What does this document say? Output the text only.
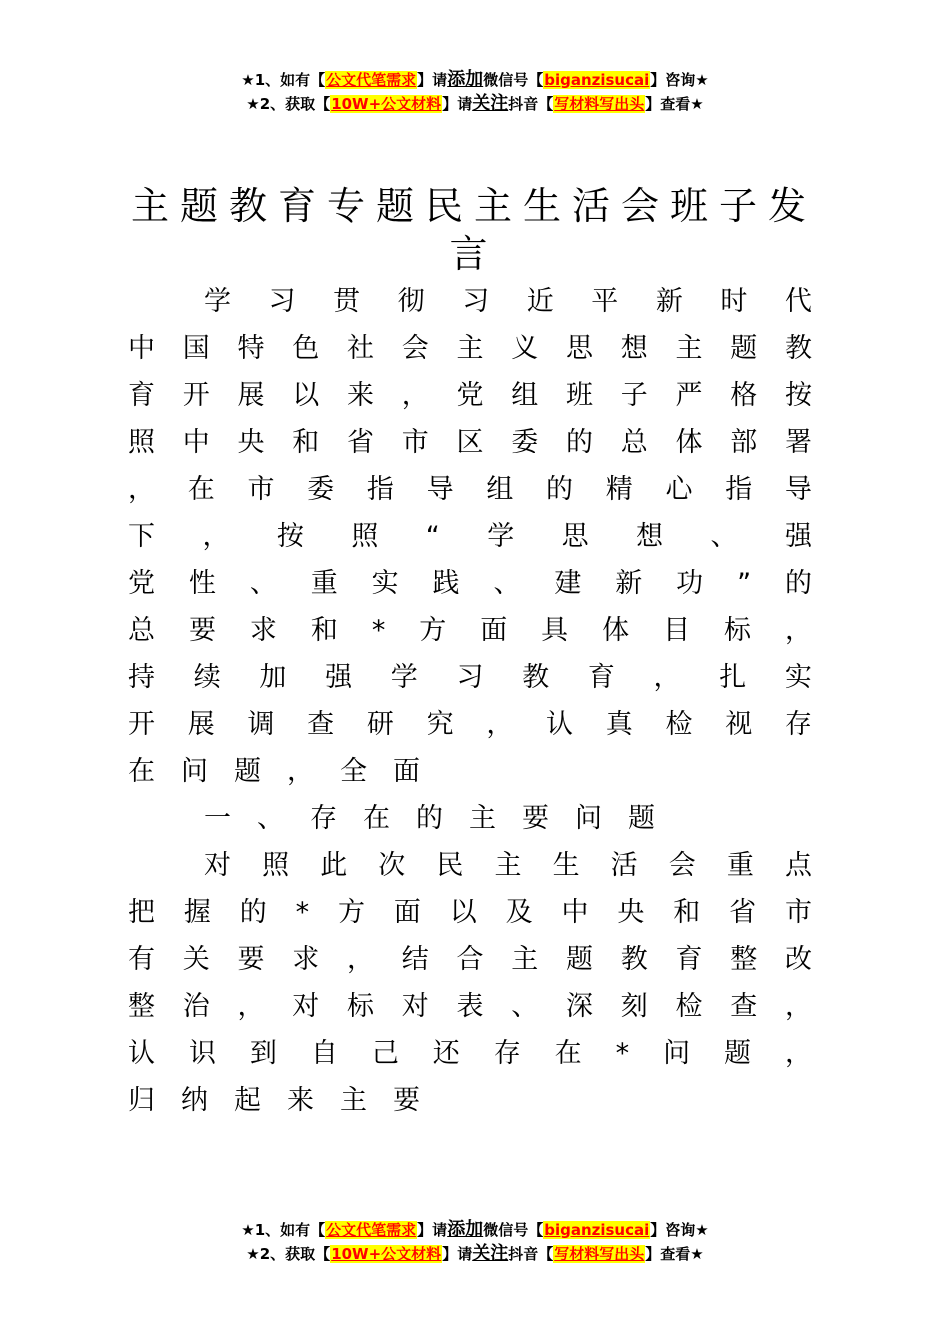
★1、如有【公文代笔需求】请添加微信号【biganzisucai】咨询★
★2、获取【10W+公文材料】请关注抖音【写材料写出头】查看★
主题教育专题民主生活会班子发言
学 习 贯 彻 习 近 平 新 时 代
中 国 特 色 社 会 主 义 思 想 主 题 教
育 开 展 以 来 ， 党 组 班 子 严 格 按
照 中 央 和 省 市 区 委 的 总 体 部 署
， 在 市 委 指 导 组 的 精 心 指 导
下 ， 按 照 “ 学 思 想 、 强
党 性 、 重 实 践 、 建 新 功 ” 的
总 要 求 和 * 方 面 具 体 目 标 ，
持 续 加 强 学 习 教 育 ， 扎 实
开 展 调 查 研 究 ， 认 真 检 视 存
在 问 题 ， 全 面
一 、 存 在 的 主 要 问 题
对 照 此 次 民 主 生 活 会 重 点
把 握 的 * 方 面 以 及 中 央 和 省 市
有 关 要 求 ， 结 合 主 题 教 育 整 改
整 治 ， 对 标 对 表 、 深 刻 检 查 ，
认 识 到 自 己 还 存 在 * 问 题 ，
归 纳 起 来 主 要
★1、如有【公文代笔需求】请添加微信号【biganzisucai】咨询★
★2、获取【10W+公文材料】请关注抖音【写材料写出头】查看★
